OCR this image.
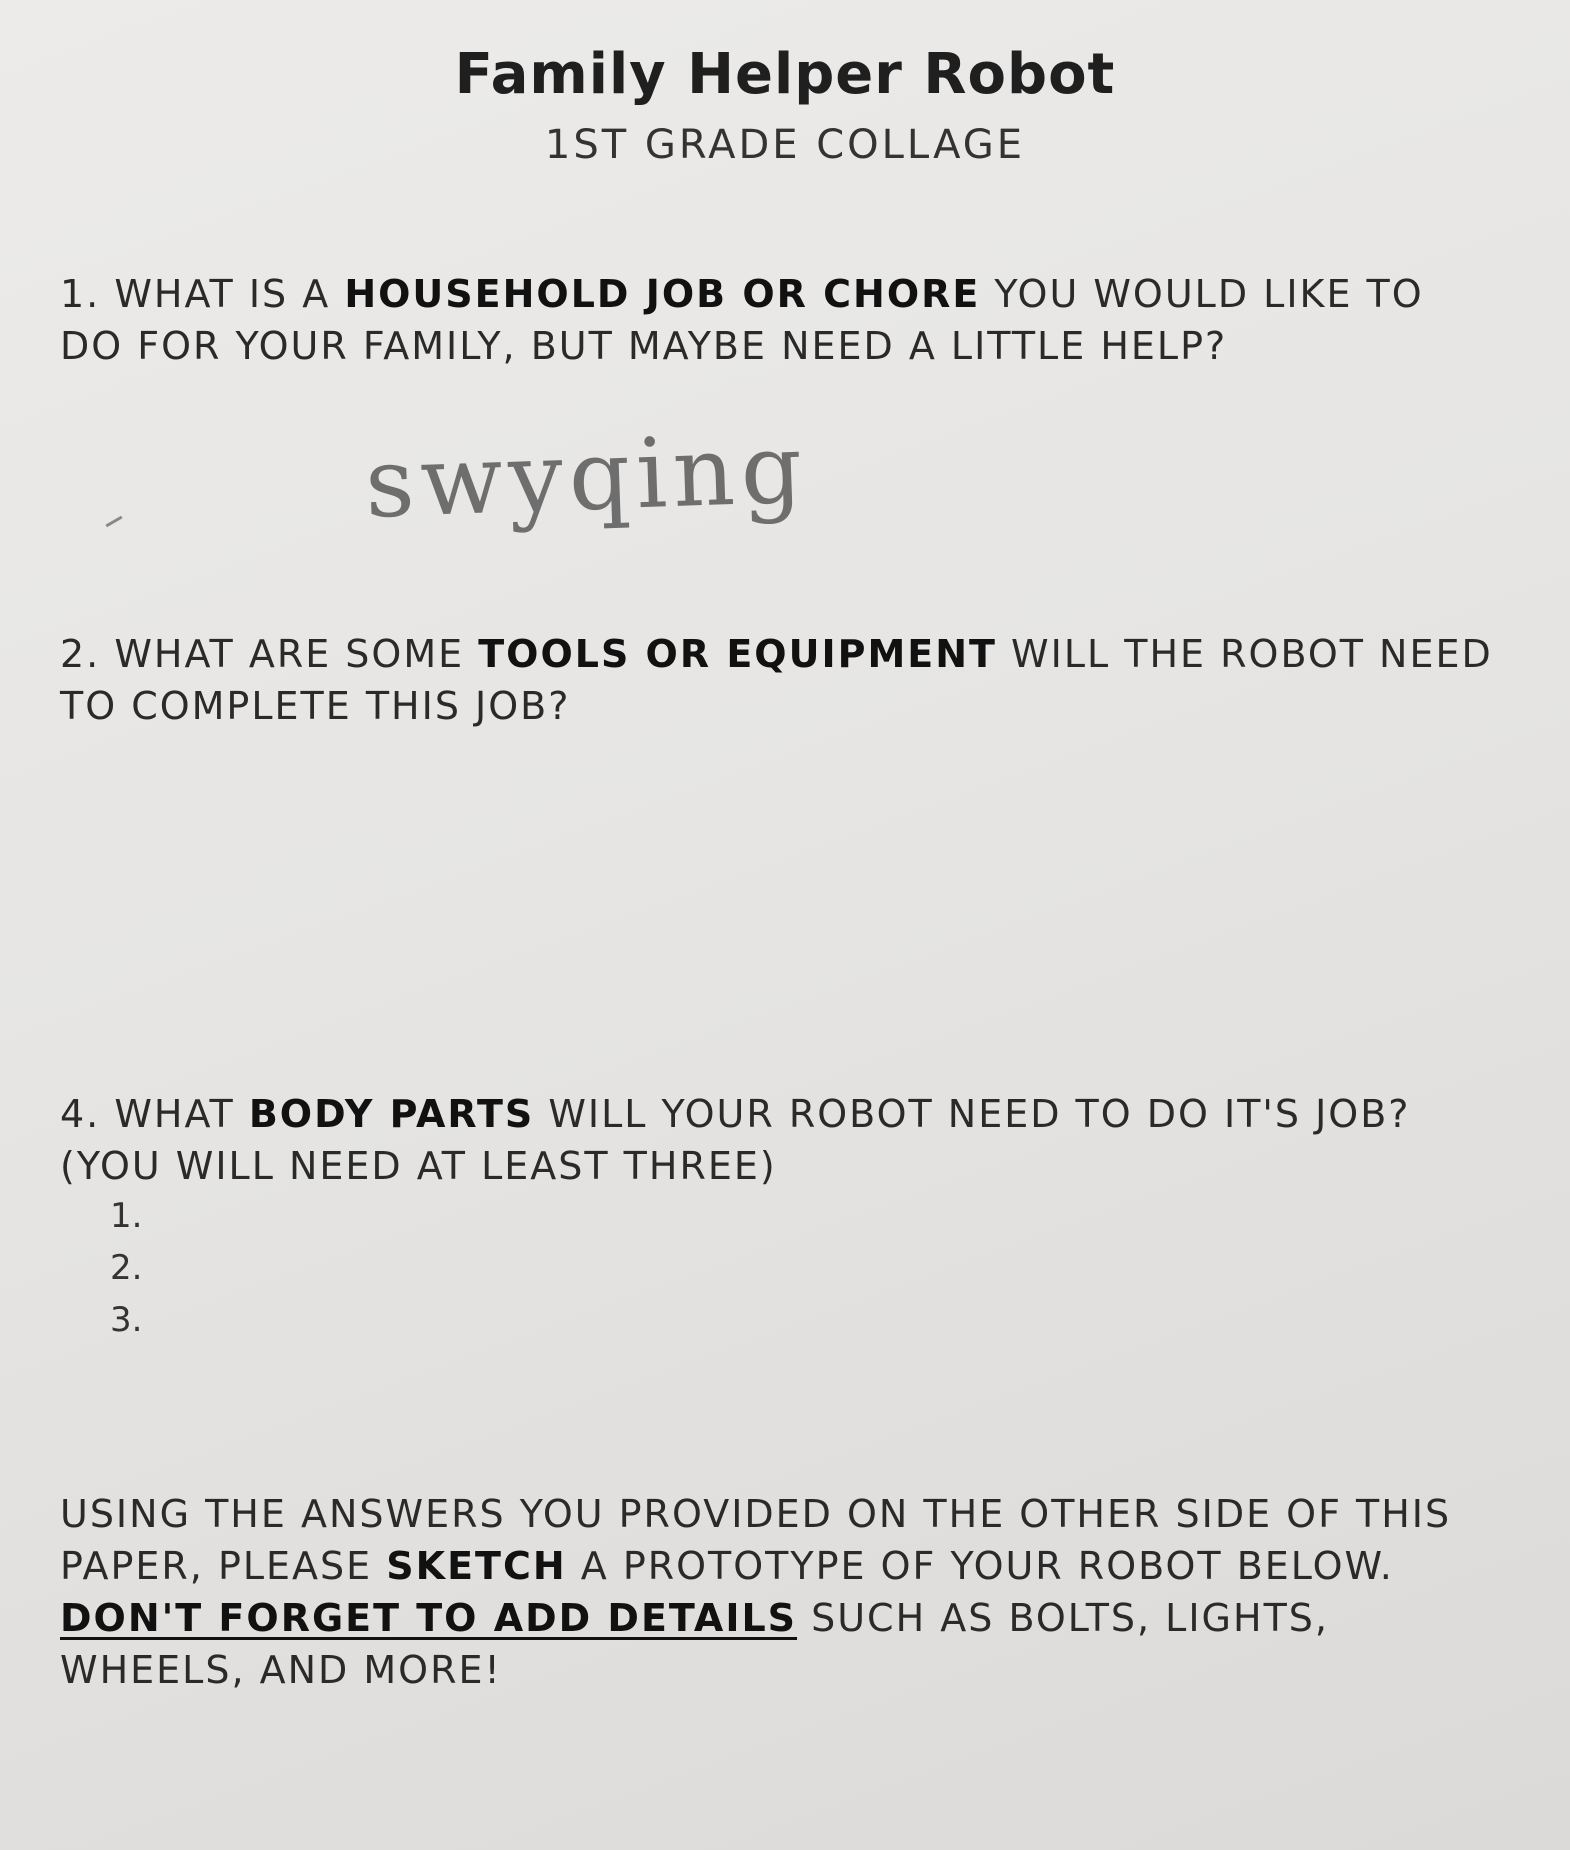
Family Helper Robot
1ST GRADE COLLAGE
1. WHAT IS A HOUSEHOLD JOB OR CHORE YOU WOULD LIKE TO DO FOR YOUR FAMILY, BUT MAYBE NEED A LITTLE HELP?
swyqing
2. WHAT ARE SOME TOOLS OR EQUIPMENT WILL THE ROBOT NEED TO COMPLETE THIS JOB?
4. WHAT BODY PARTS WILL YOUR ROBOT NEED TO DO IT'S JOB? (YOU WILL NEED AT LEAST THREE)
1.
2.
3.
USING THE ANSWERS YOU PROVIDED ON THE OTHER SIDE OF THIS PAPER, PLEASE SKETCH A PROTOTYPE OF YOUR ROBOT BELOW. DON'T FORGET TO ADD DETAILS SUCH AS BOLTS, LIGHTS, WHEELS, AND MORE!
